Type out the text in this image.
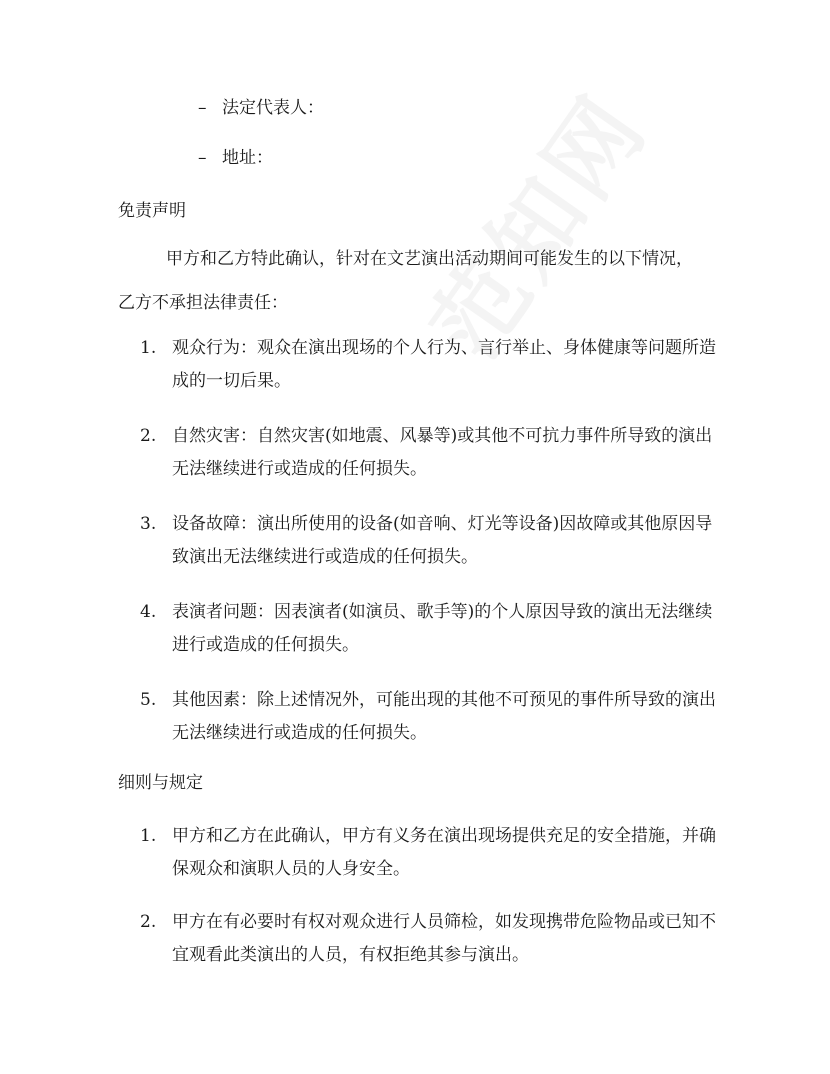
– 法定代表人：
– 地址：
免责声明
甲方和乙方特此确认，针对在文艺演出活动期间可能发生的以下情况，乙方不承担法律责任：
1. 观众行为：观众在演出现场的个人行为、言行举止、身体健康等问题所造成的一切后果。
2. 自然灾害：自然灾害(如地震、风暴等)或其他不可抗力事件所导致的演出无法继续进行或造成的任何损失。
3. 设备故障：演出所使用的设备(如音响、灯光等设备)因故障或其他原因导致演出无法继续进行或造成的任何损失。
4. 表演者问题：因表演者(如演员、歌手等)的个人原因导致的演出无法继续进行或造成的任何损失。
5. 其他因素：除上述情况外，可能出现的其他不可预见的事件所导致的演出无法继续进行或造成的任何损失。
细则与规定
1. 甲方和乙方在此确认，甲方有义务在演出现场提供充足的安全措施，并确保观众和演职人员的人身安全。
2. 甲方在有必要时有权对观众进行人员筛检，如发现携带危险物品或已知不宜观看此类演出的人员，有权拒绝其参与演出。
